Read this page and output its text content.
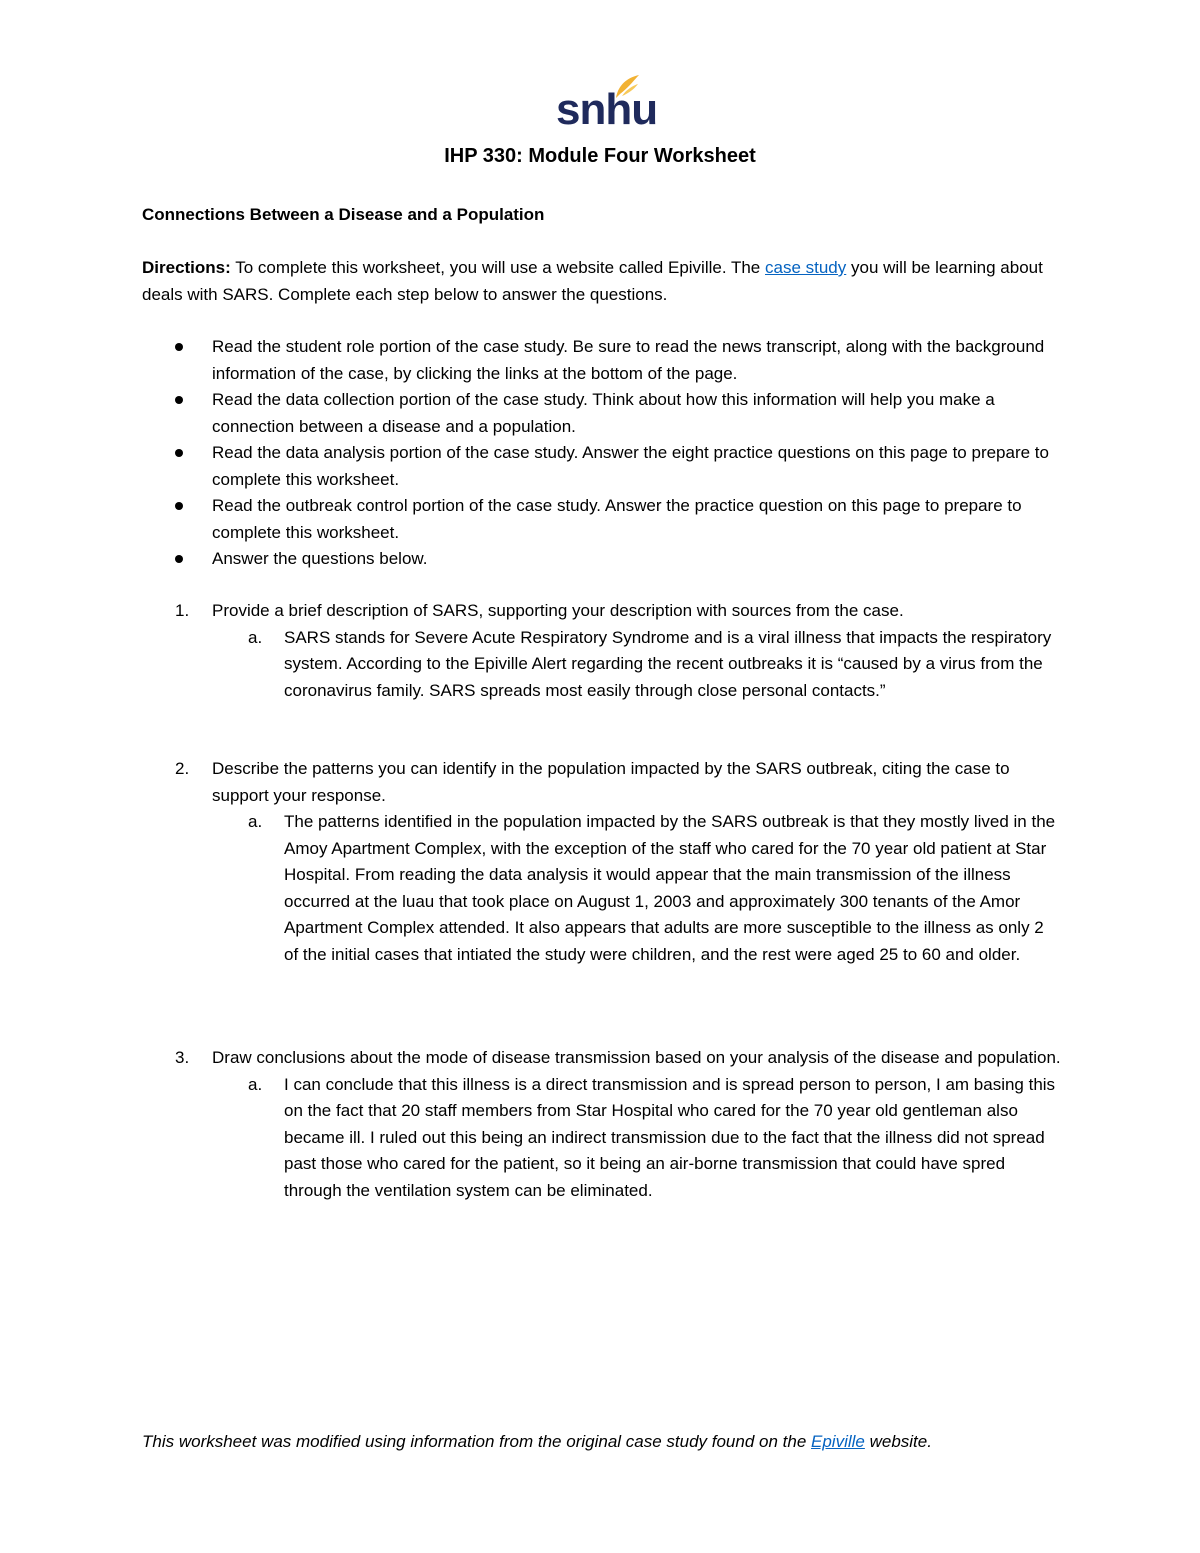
snhu
IHP 330: Module Four Worksheet
Connections Between a Disease and a Population
Directions: To complete this worksheet, you will use a website called Epiville. The case study you will be learning about deals with SARS. Complete each step below to answer the questions.
Read the student role portion of the case study. Be sure to read the news transcript, along with the background information of the case, by clicking the links at the bottom of the page.
Read the data collection portion of the case study. Think about how this information will help you make a connection between a disease and a population.
Read the data analysis portion of the case study. Answer the eight practice questions on this page to prepare to complete this worksheet.
Read the outbreak control portion of the case study. Answer the practice question on this page to prepare to complete this worksheet.
Answer the questions below.
1. Provide a brief description of SARS, supporting your description with sources from the case.
a. SARS stands for Severe Acute Respiratory Syndrome and is a viral illness that impacts the respiratory system. According to the Epiville Alert regarding the recent outbreaks it is “caused by a virus from the coronavirus family. SARS spreads most easily through close personal contacts.”
2. Describe the patterns you can identify in the population impacted by the SARS outbreak, citing the case to support your response.
a. The patterns identified in the population impacted by the SARS outbreak is that they mostly lived in the Amoy Apartment Complex, with the exception of the staff who cared for the 70 year old patient at Star Hospital. From reading the data analysis it would appear that the main transmission of the illness occurred at the luau that took place on August 1, 2003 and approximately 300 tenants of the Amor Apartment Complex attended. It also appears that adults are more susceptible to the illness as only 2 of the initial cases that intiated the study were children, and the rest were aged 25 to 60 and older.
3. Draw conclusions about the mode of disease transmission based on your analysis of the disease and population.
a. I can conclude that this illness is a direct transmission and is spread person to person, I am basing this on the fact that 20 staff members from Star Hospital who cared for the 70 year old gentleman also became ill. I ruled out this being an indirect transmission due to the fact that the illness did not spread past those who cared for the patient, so it being an air-borne transmission that could have spred through the ventilation system can be eliminated.
This worksheet was modified using information from the original case study found on the Epiville website.
